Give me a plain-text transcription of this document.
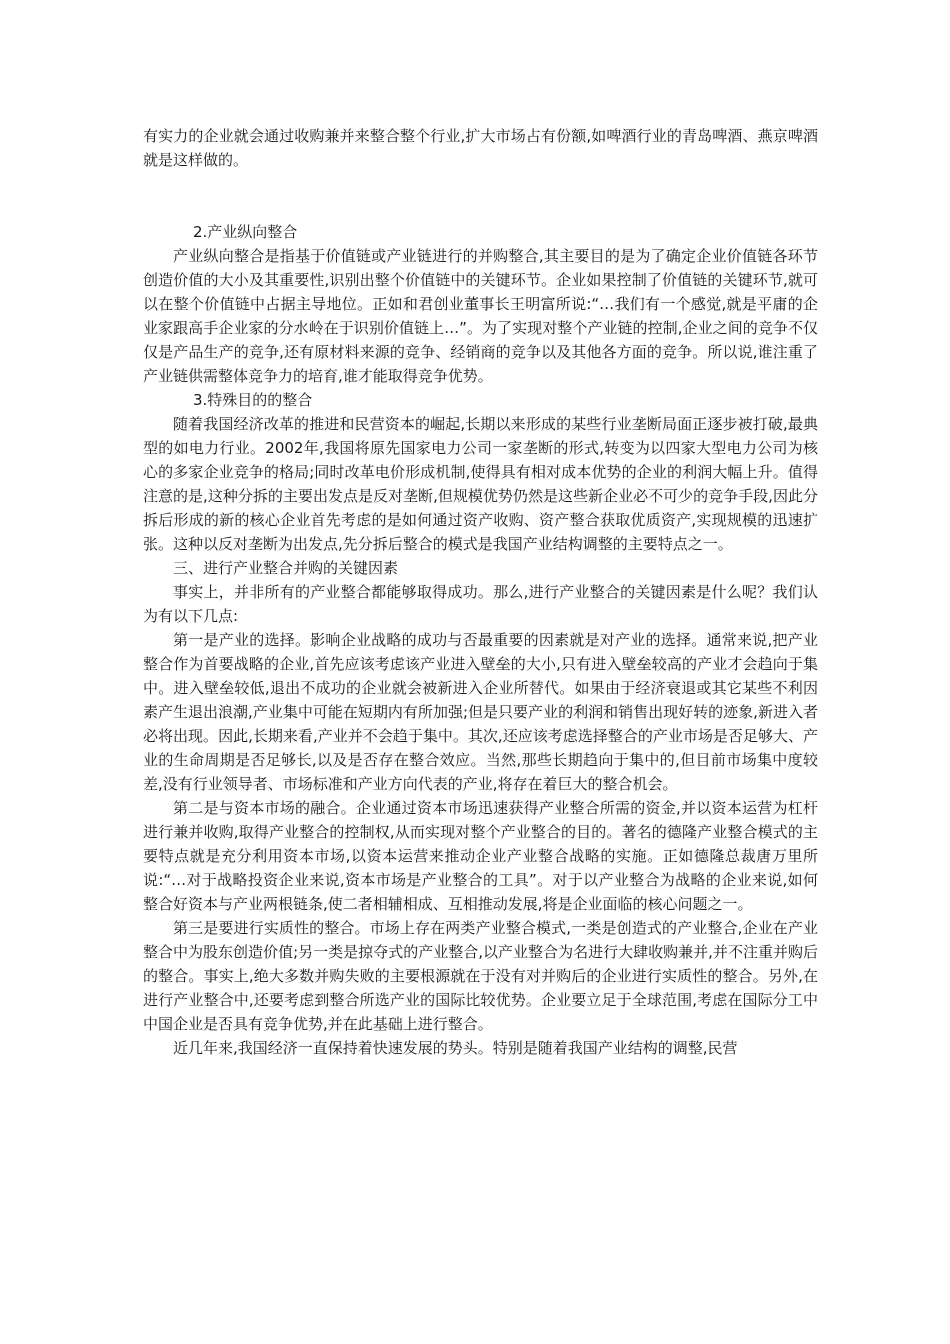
有实力的企业就会通过收购兼并来整合整个行业,扩大市场占有份额,如啤酒行业的青岛啤酒、燕京啤酒就是这样做的。

2.产业纵向整合

产业纵向整合是指基于价值链或产业链进行的并购整合,其主要目的是为了确定企业价值链各环节创造价值的大小及其重要性,识别出整个价值链中的关键环节。企业如果控制了价值链的关键环节,就可以在整个价值链中占据主导地位。正如和君创业董事长王明富所说:“…我们有一个感觉,就是平庸的企业家跟高手企业家的分水岭在于识别价值链上…”。为了实现对整个产业链的控制,企业之间的竞争不仅仅是产品生产的竞争,还有原材料来源的竞争、经销商的竞争以及其他各方面的竞争。所以说,谁注重了产业链供需整体竞争力的培育,谁才能取得竞争优势。

3.特殊目的的整合

随着我国经济改革的推进和民营资本的崛起,长期以来形成的某些行业垄断局面正逐步被打破,最典型的如电力行业。2002年,我国将原先国家电力公司一家垄断的形式,转变为以四家大型电力公司为核心的多家企业竞争的格局;同时改革电价形成机制,使得具有相对成本优势的企业的利润大幅上升。值得注意的是,这种分拆的主要出发点是反对垄断,但规模优势仍然是这些新企业必不可少的竞争手段,因此分拆后形成的新的核心企业首先考虑的是如何通过资产收购、资产整合获取优质资产,实现规模的迅速扩张。这种以反对垄断为出发点,先分拆后整合的模式是我国产业结构调整的主要特点之一。

三、进行产业整合并购的关键因素

事实上，并非所有的产业整合都能够取得成功。那么,进行产业整合的关键因素是什么呢？我们认为有以下几点:

第一是产业的选择。影响企业战略的成功与否最重要的因素就是对产业的选择。通常来说,把产业整合作为首要战略的企业,首先应该考虑该产业进入壁垒的大小,只有进入壁垒较高的产业才会趋向于集中。进入壁垒较低,退出不成功的企业就会被新进入企业所替代。如果由于经济衰退或其它某些不利因素产生退出浪潮,产业集中可能在短期内有所加强;但是只要产业的利润和销售出现好转的迹象,新进入者必将出现。因此,长期来看,产业并不会趋于集中。其次,还应该考虑选择整合的产业市场是否足够大、产业的生命周期是否足够长,以及是否存在整合效应。当然,那些长期趋向于集中的,但目前市场集中度较差,没有行业领导者、市场标准和产业方向代表的产业,将存在着巨大的整合机会。

第二是与资本市场的融合。企业通过资本市场迅速获得产业整合所需的资金,并以资本运营为杠杆进行兼并收购,取得产业整合的控制权,从而实现对整个产业整合的目的。著名的德隆产业整合模式的主要特点就是充分利用资本市场,以资本运营来推动企业产业整合战略的实施。正如德隆总裁唐万里所说:“…对于战略投资企业来说,资本市场是产业整合的工具”。对于以产业整合为战略的企业来说,如何整合好资本与产业两根链条,使二者相辅相成、互相推动发展,将是企业面临的核心问题之一。

第三是要进行实质性的整合。市场上存在两类产业整合模式,一类是创造式的产业整合,企业在产业整合中为股东创造价值;另一类是掠夺式的产业整合,以产业整合为名进行大肆收购兼并,并不注重并购后的整合。事实上,绝大多数并购失败的主要根源就在于没有对并购后的企业进行实质性的整合。另外,在进行产业整合中,还要考虑到整合所选产业的国际比较优势。企业要立足于全球范围,考虑在国际分工中中国企业是否具有竞争优势,并在此基础上进行整合。

近几年来,我国经济一直保持着快速发展的势头。特别是随着我国产业结构的调整,民营
